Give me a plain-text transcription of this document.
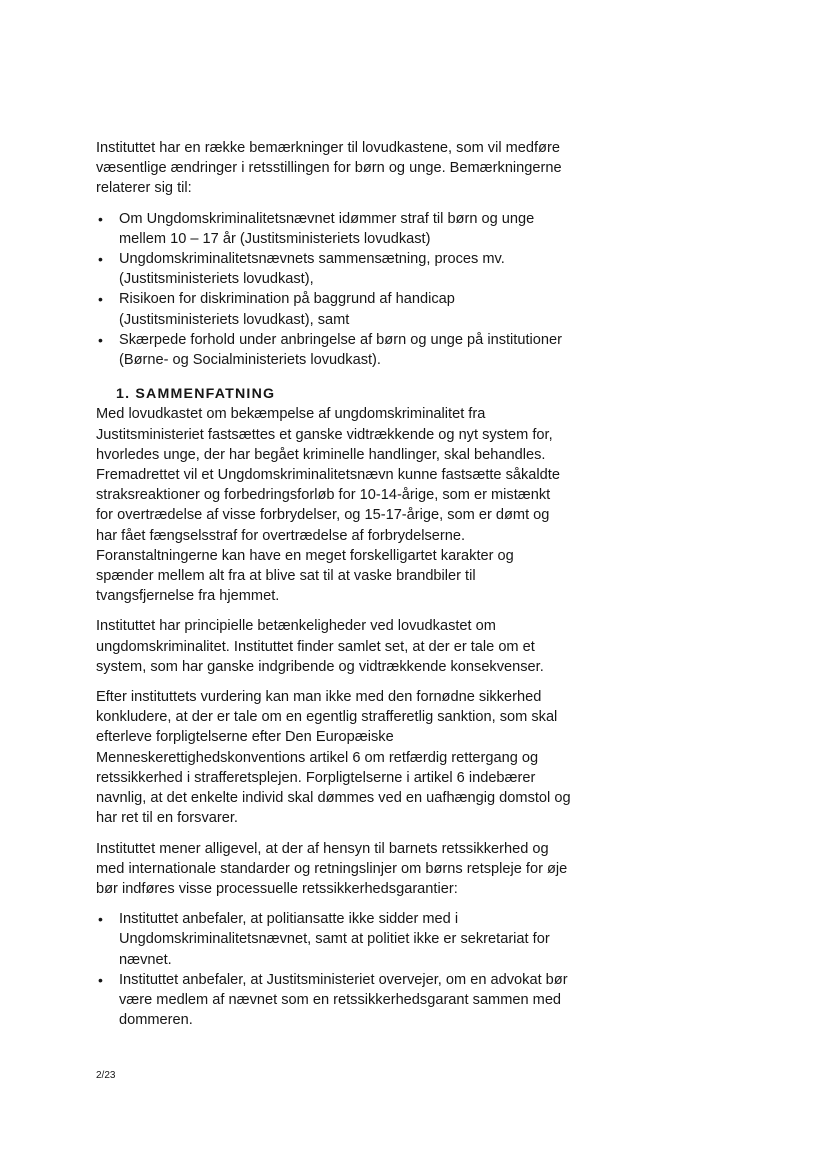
Instituttet har en række bemærkninger til lovudkastene, som vil medføre væsentlige ændringer i retsstillingen for børn og unge. Bemærkningerne relaterer sig til:

• Om Ungdomskriminalitetsnævnet idømmer straf til børn og unge mellem 10 – 17 år (Justitsministeriets lovudkast)
• Ungdomskriminalitetsnævnets sammensætning, proces mv. (Justitsministeriets lovudkast),
• Risikoen for diskrimination på baggrund af handicap (Justitsministeriets lovudkast), samt
• Skærpede forhold under anbringelse af børn og unge på institutioner (Børne- og Socialministeriets lovudkast).
1. SAMMENFATNING

Med lovudkastet om bekæmpelse af ungdomskriminalitet fra Justitsministeriet fastsættes et ganske vidtrækkende og nyt system for, hvorledes unge, der har begået kriminelle handlinger, skal behandles. Fremadrettet vil et Ungdomskriminalitetsnævn kunne fastsætte såkaldte straksreaktioner og forbedringsforløb for 10-14-årige, som er mistænkt for overtrædelse af visse forbrydelser, og 15-17-årige, som er dømt og har fået fængselsstraf for overtrædelse af forbrydelserne. Foranstaltningerne kan have en meget forskelligartet karakter og spænder mellem alt fra at blive sat til at vaske brandbiler til tvangsfjernelse fra hjemmet.

Instituttet har principielle betænkeligheder ved lovudkastet om ungdomskriminalitet. Instituttet finder samlet set, at der er tale om et system, som har ganske indgribende og vidtrækkende konsekvenser.

Efter instituttets vurdering kan man ikke med den fornødne sikkerhed konkludere, at der er tale om en egentlig strafferetlig sanktion, som skal efterleve forpligtelserne efter Den Europæiske Menneskerettighedskonventions artikel 6 om retfærdig rettergang og retssikkerhed i strafferetsplejen. Forpligtelserne i artikel 6 indebærer navnlig, at det enkelte individ skal dømmes ved en uafhængig domstol og har ret til en forsvarer.

Instituttet mener alligevel, at der af hensyn til barnets retssikkerhed og med internationale standarder og retningslinjer om børns retspleje for øje bør indføres visse processuelle retssikkerhedsgarantier:

• Instituttet anbefaler, at politiansatte ikke sidder med i Ungdomskriminalitetsnævnet, samt at politiet ikke er sekretariat for nævnet.
• Instituttet anbefaler, at Justitsministeriet overvejer, om en advokat bør være medlem af nævnet som en retssikkerhedsgarant sammen med dommeren.
2/23
